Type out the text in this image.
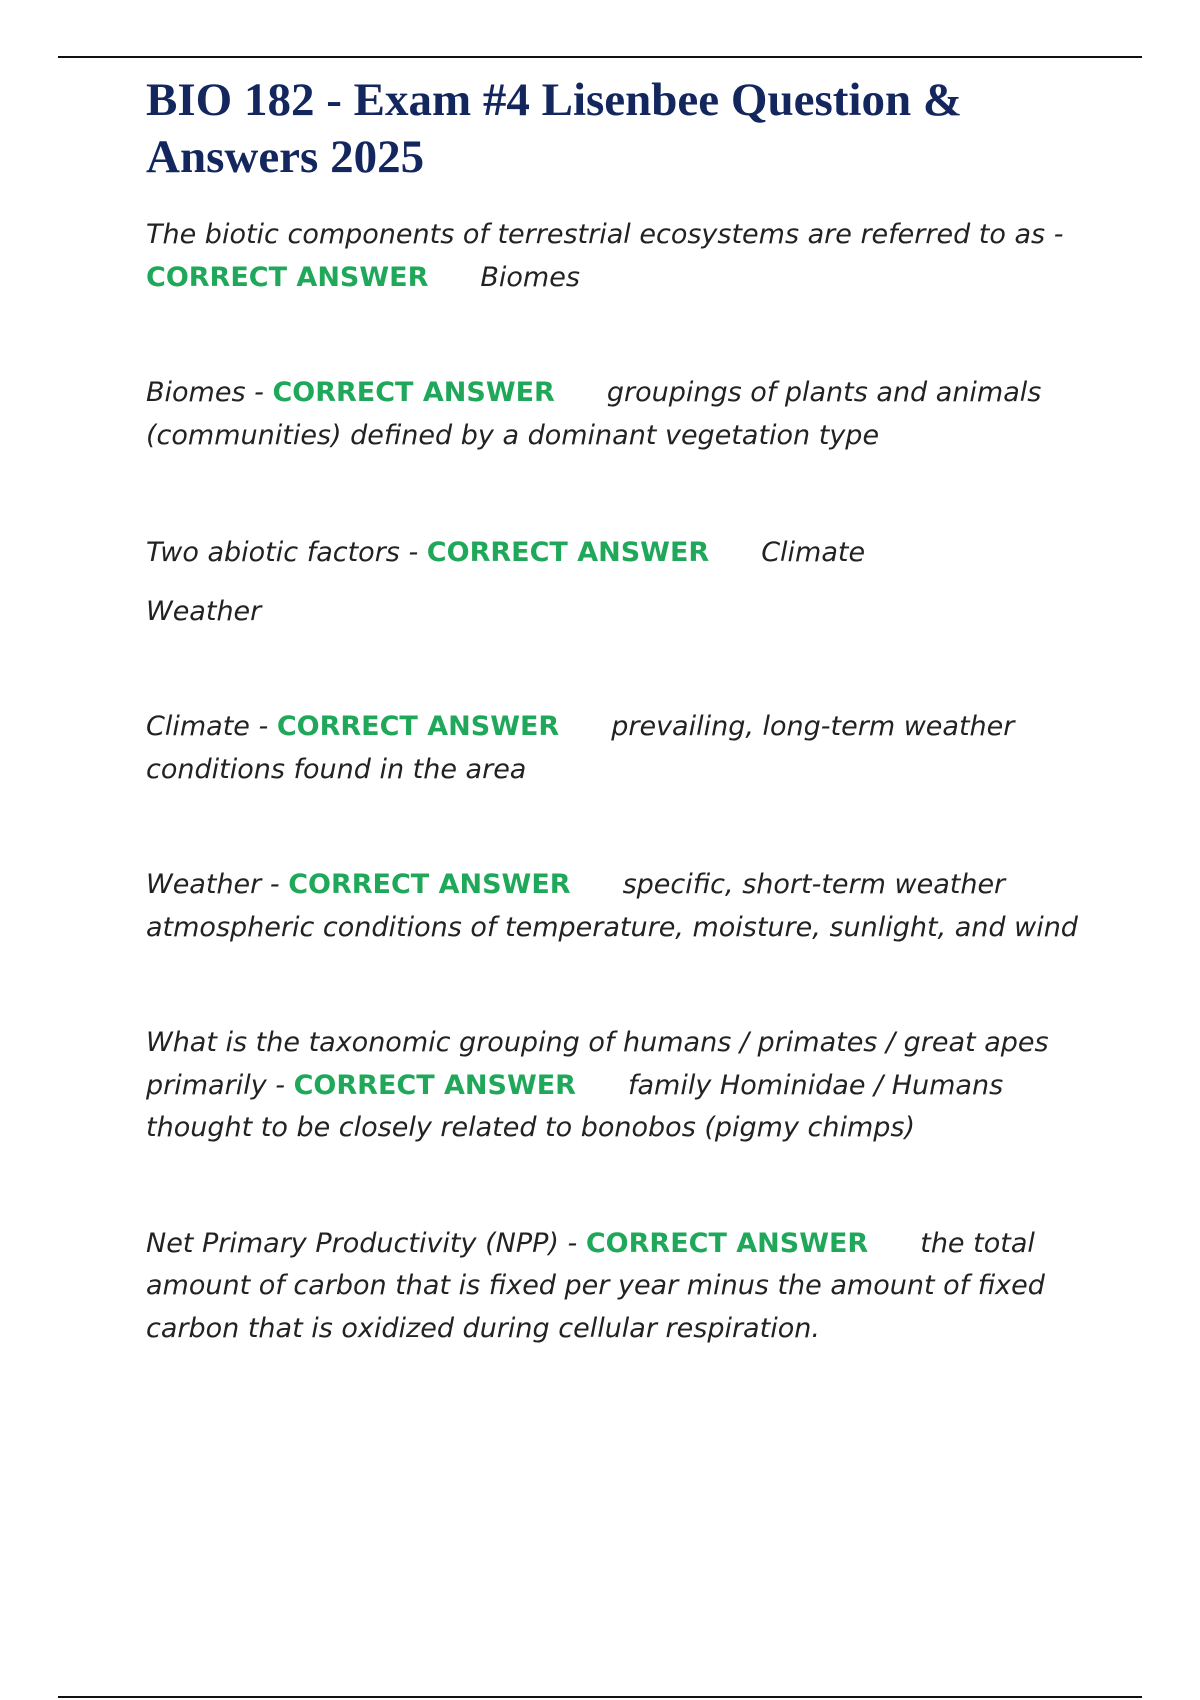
BIO 182 - Exam #4 Lisenbee Question & Answers 2025

The biotic components of terrestrial ecosystems are referred to as - CORRECT ANSWER Biomes

Biomes - CORRECT ANSWER groupings of plants and animals (communities) defined by a dominant vegetation type

Two abiotic factors - CORRECT ANSWER Climate
Weather

Climate - CORRECT ANSWER prevailing, long-term weather conditions found in the area

Weather - CORRECT ANSWER specific, short-term weather atmospheric conditions of temperature, moisture, sunlight, and wind

What is the taxonomic grouping of humans / primates / great apes primarily - CORRECT ANSWER family Hominidae / Humans thought to be closely related to bonobos (pigmy chimps)

Net Primary Productivity (NPP) - CORRECT ANSWER the total amount of carbon that is fixed per year minus the amount of fixed carbon that is oxidized during cellular respiration.
